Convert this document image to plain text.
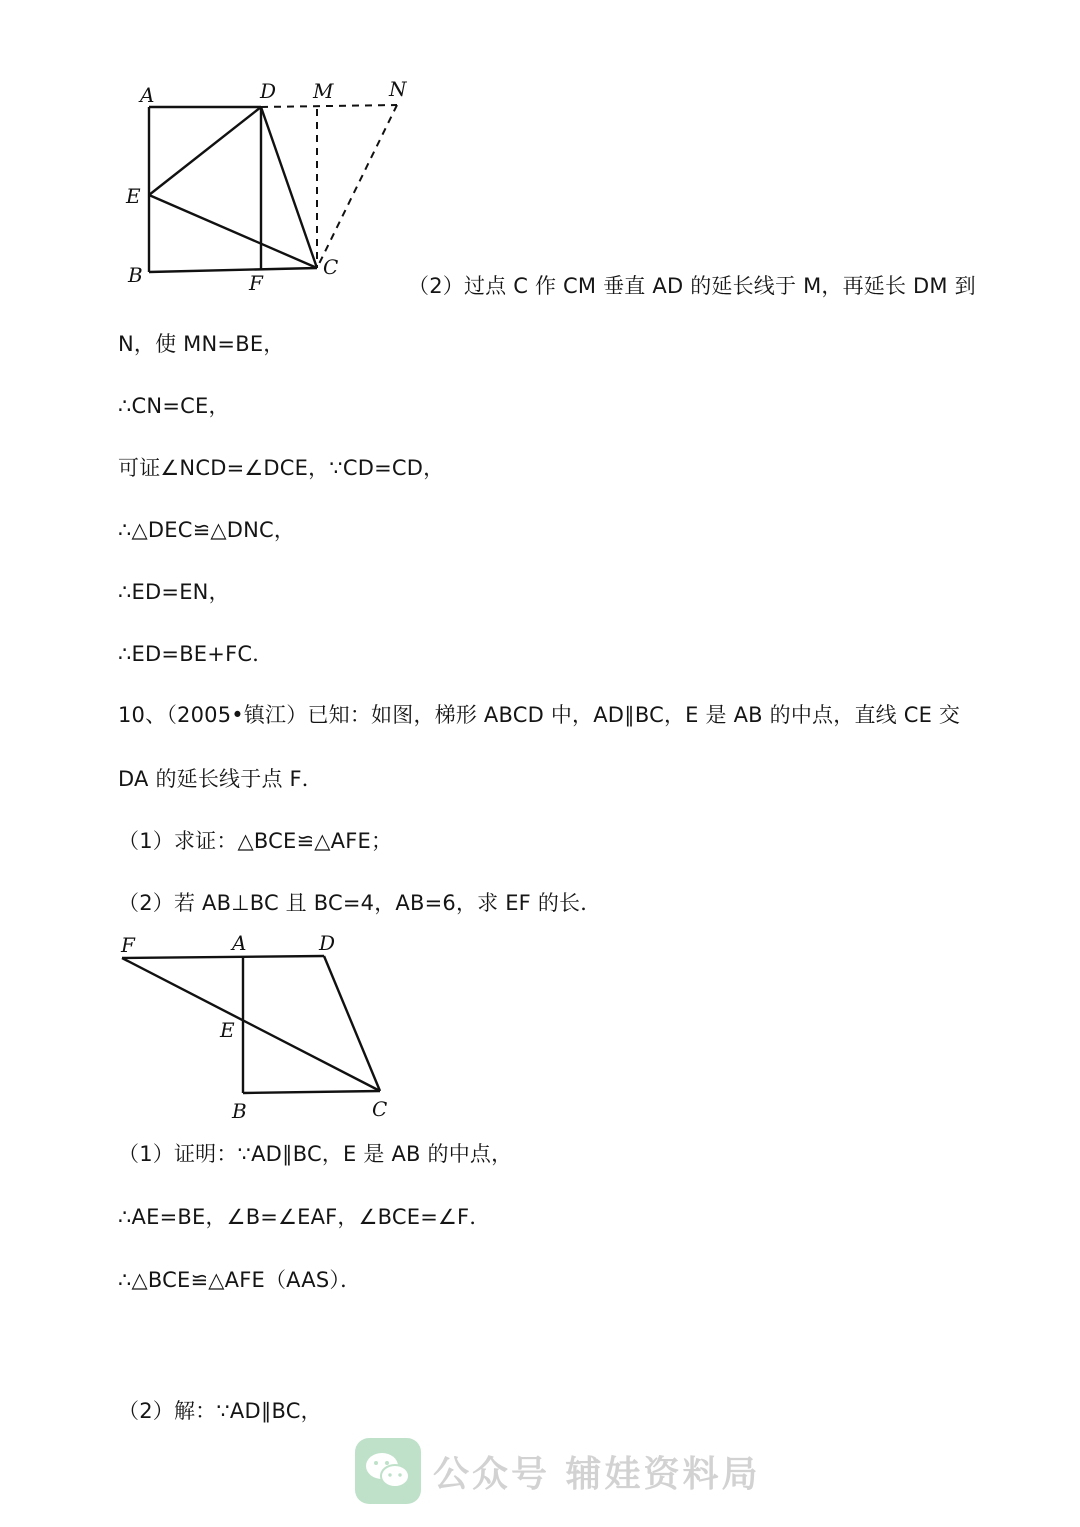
A	D M	N
E
B	F
C
（2）过点 C 作 CM 垂直 AD 的延长线于 M，再延长 DM 到
N，使 MN=BE，
∴CN=CE，
可证∠NCD=∠DCE，∵CD=CD，
∴△DEC≌△DNC，
∴ED=EN，
∴ED=BE+FC．
10、（2005•镇江）已知：如图，梯形 ABCD 中，AD∥BC，E 是 AB 的中点，直线 CE 交
DA 的延长线于点 F．
（1）求证：△BCE≌△AFE；
（2）若 AB⊥BC 且 BC=4，AB=6，求 EF 的长．
F	A	D
E
B	C
（1）证明：∵AD∥BC，E 是 AB 的中点，
∴AE=BE，∠B=∠EAF，∠BCE=∠F．
∴△BCE≌△AFE（AAS）．
（2）解：∵AD∥BC，
公众号 辅娃资料局
